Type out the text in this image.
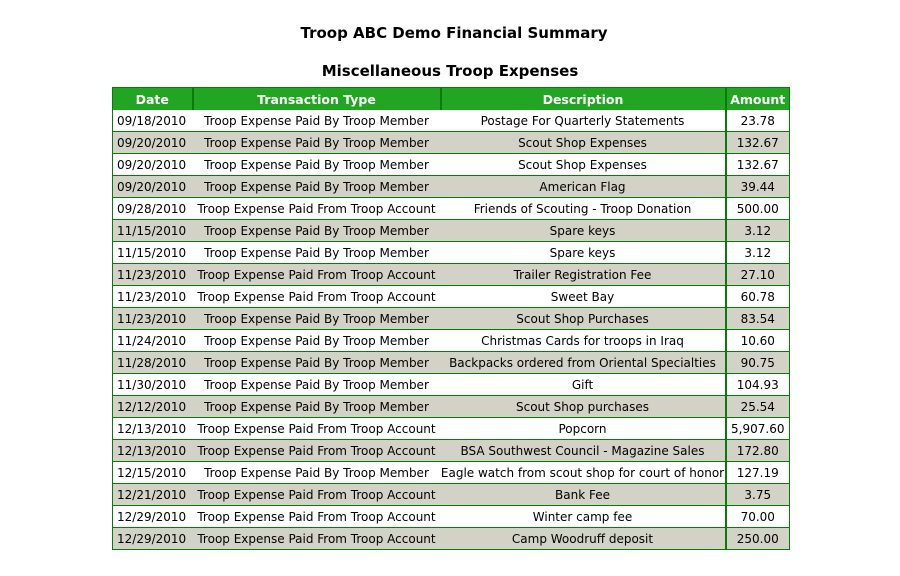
Troop ABC Demo Financial Summary
Miscellaneous Troop Expenses
Date	Transaction Type	Description	Amount
09/18/2010	Troop Expense Paid By Troop Member	Postage For Quarterly Statements	23.78
09/20/2010	Troop Expense Paid By Troop Member	Scout Shop Expenses	132.67
09/20/2010	Troop Expense Paid By Troop Member	Scout Shop Expenses	132.67
09/20/2010	Troop Expense Paid By Troop Member	American Flag	39.44
09/28/2010	Troop Expense Paid From Troop Account	Friends of Scouting - Troop Donation	500.00
11/15/2010	Troop Expense Paid By Troop Member	Spare keys	3.12
11/15/2010	Troop Expense Paid By Troop Member	Spare keys	3.12
11/23/2010	Troop Expense Paid From Troop Account	Trailer Registration Fee	27.10
11/23/2010	Troop Expense Paid From Troop Account	Sweet Bay	60.78
11/23/2010	Troop Expense Paid By Troop Member	Scout Shop Purchases	83.54
11/24/2010	Troop Expense Paid By Troop Member	Christmas Cards for troops in Iraq	10.60
11/28/2010	Troop Expense Paid By Troop Member	Backpacks ordered from Oriental Specialties	90.75
11/30/2010	Troop Expense Paid By Troop Member	Gift	104.93
12/12/2010	Troop Expense Paid By Troop Member	Scout Shop purchases	25.54
12/13/2010	Troop Expense Paid From Troop Account	Popcorn	5,907.60
12/13/2010	Troop Expense Paid From Troop Account	BSA Southwest Council - Magazine Sales	172.80
12/15/2010	Troop Expense Paid By Troop Member	Eagle watch from scout shop for court of honor	127.19
12/21/2010	Troop Expense Paid From Troop Account	Bank Fee	3.75
12/29/2010	Troop Expense Paid From Troop Account	Winter camp fee	70.00
12/29/2010	Troop Expense Paid From Troop Account	Camp Woodruff deposit	250.00
